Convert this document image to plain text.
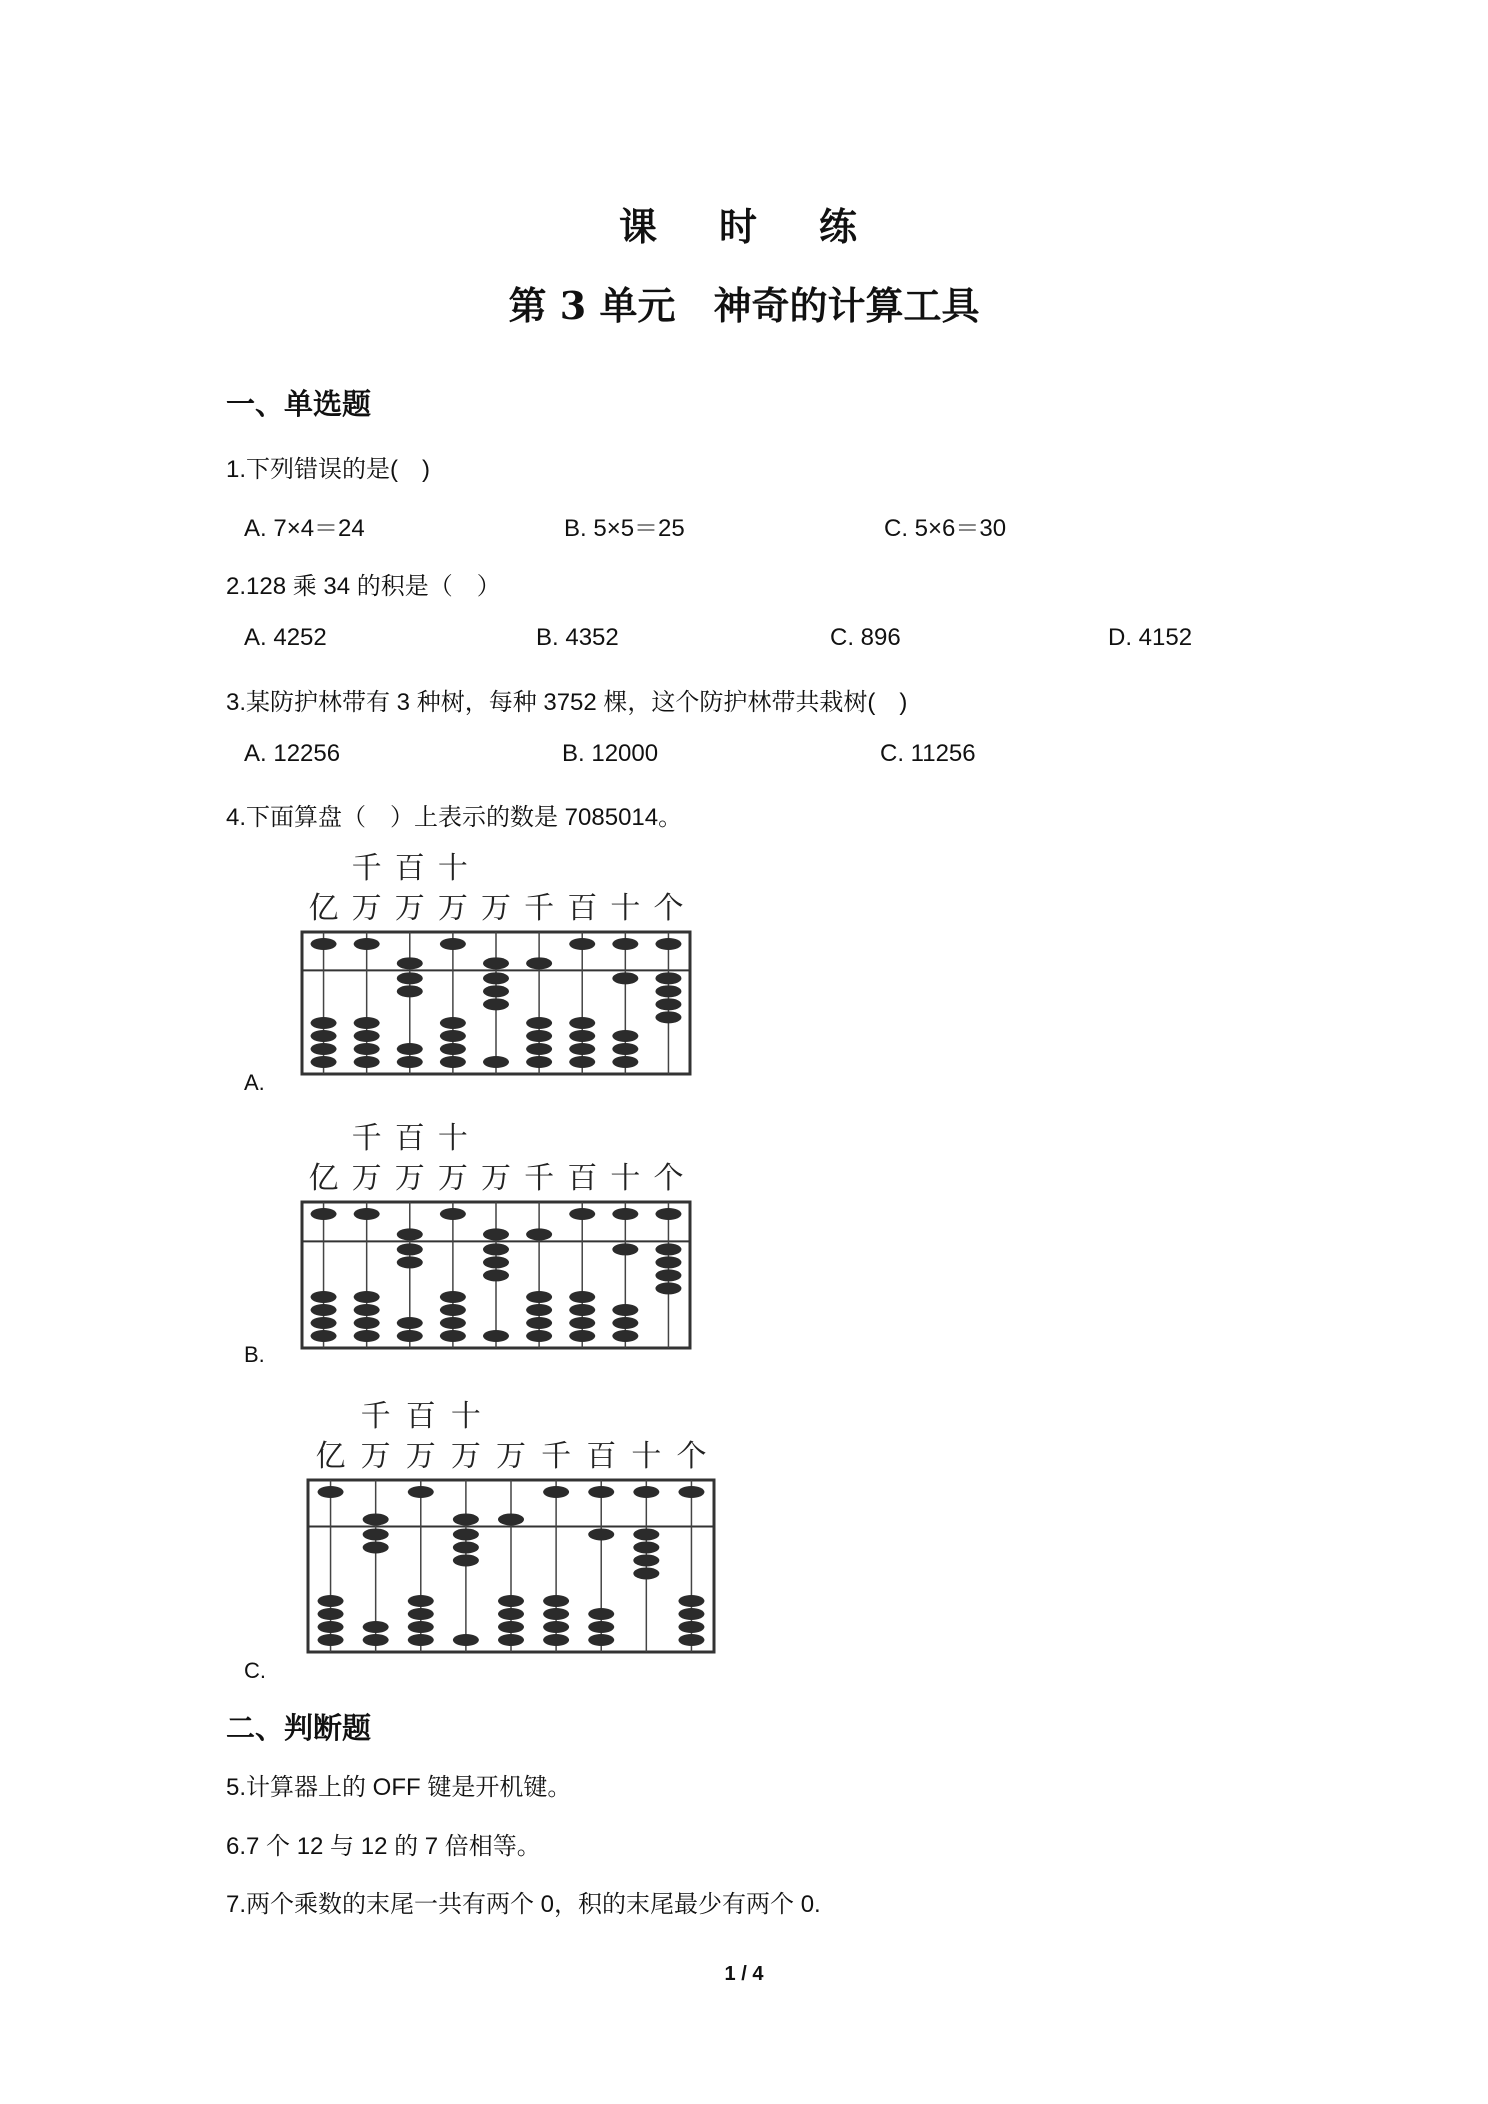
课　时　练
第 3 单元　神奇的计算工具
一、单选题
1.下列错误的是(　)
A. 7×4＝24	B. 5×5＝25	C. 5×6＝30
2.128 乘 34 的积是（　）
A. 4252	B. 4352	C. 896	D. 4152
3.某防护林带有 3 种树，每种 3752 棵，这个防护林带共栽树(　)
A. 12256	B. 12000	C. 11256
4.下面算盘（　）上表示的数是 7085014。
千 百 十
亿 万 万 万 万 千 百 十 个
A.
千 百 十
亿 万 万 万 万 千 百 十 个
B.
千 百 十
亿 万 万 万 万 千 百 十 个
C.
二、判断题
5.计算器上的 OFF 键是开机键。
6.7 个 12 与 12 的 7 倍相等。
7.两个乘数的末尾一共有两个 0，积的末尾最少有两个 0.
1 / 4
